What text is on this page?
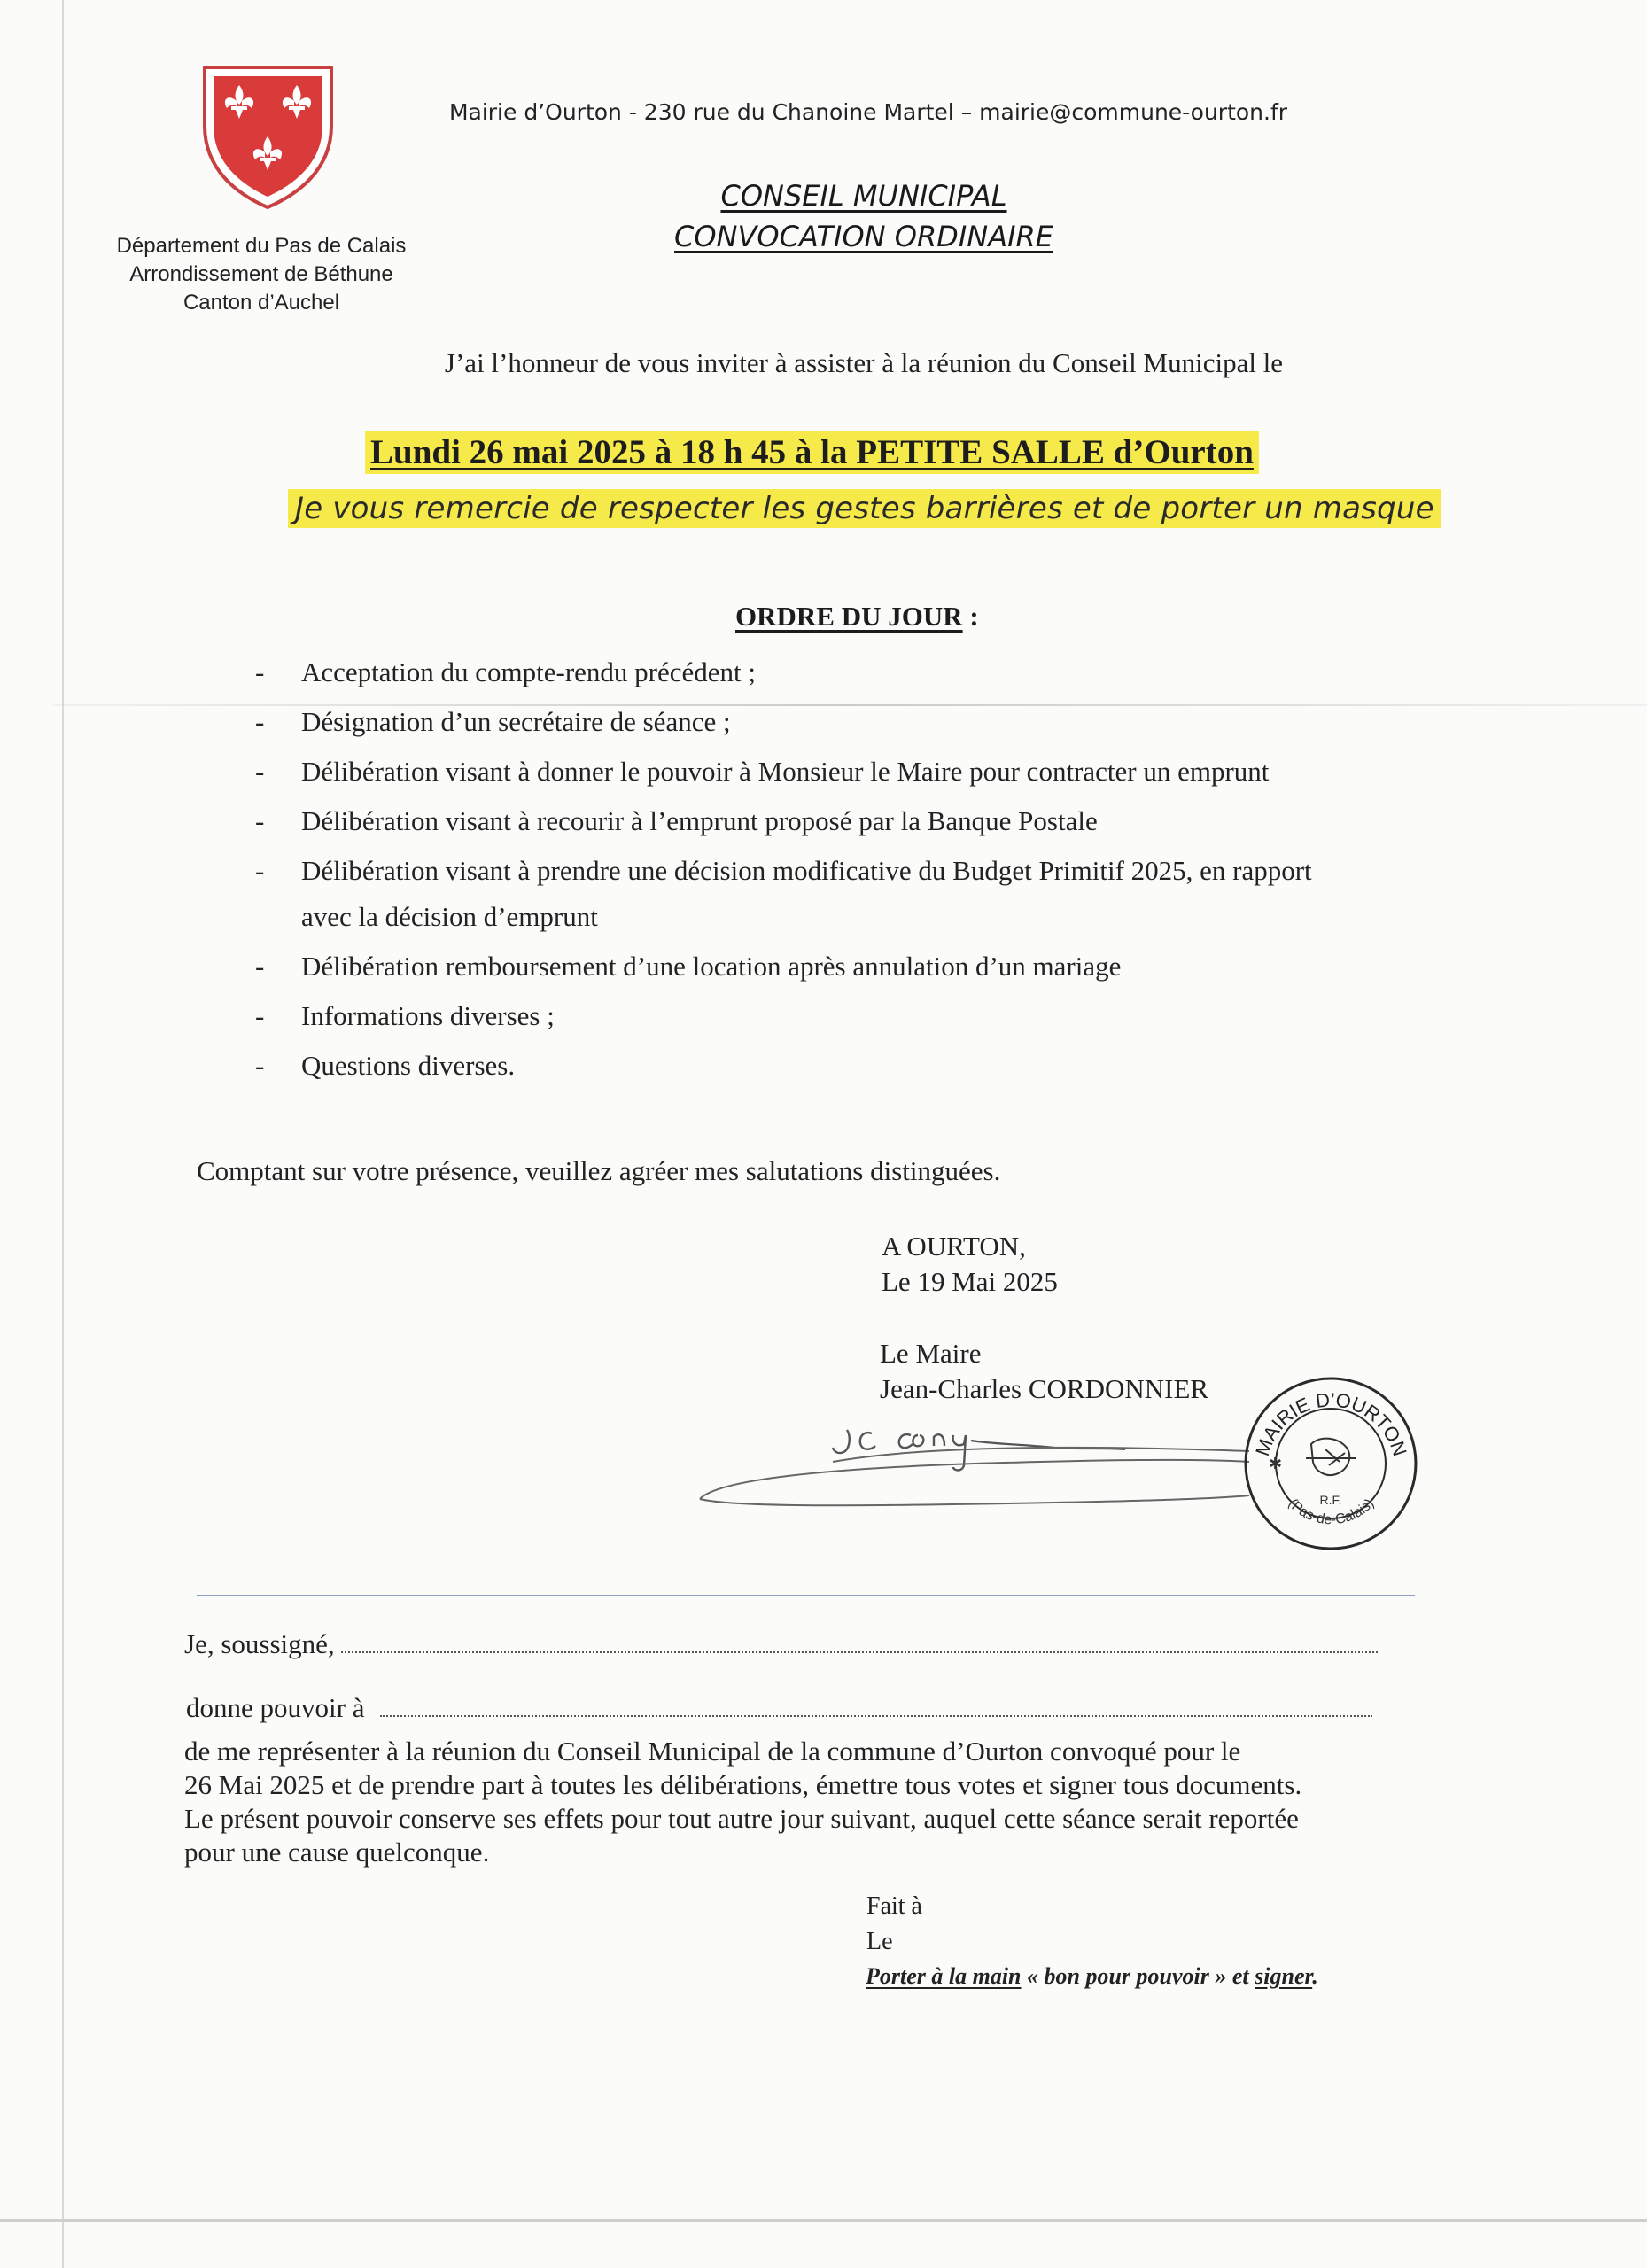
Département du Pas de Calais
Arrondissement de Béthune
Canton d’Auchel
Mairie d’Ourton - 230 rue du Chanoine Martel – mairie@commune-ourton.fr
CONSEIL MUNICIPAL
CONVOCATION ORDINAIRE
J’ai l’honneur de vous inviter à assister à la réunion du Conseil Municipal le
Lundi 26 mai 2025 à 18 h 45 à la PETITE SALLE d’Ourton
Je vous remercie de respecter les gestes barrières et de porter un masque
ORDRE DU JOUR :
- Acceptation du compte-rendu précédent ;
- Désignation d’un secrétaire de séance ;
- Délibération visant à donner le pouvoir à Monsieur le Maire pour contracter un emprunt
- Délibération visant à recourir à l’emprunt proposé par la Banque Postale
- Délibération visant à prendre une décision modificative du Budget Primitif 2025, en rapport
avec la décision d’emprunt
- Délibération remboursement d’une location après annulation d’un mariage
- Informations diverses ;
- Questions diverses.
Comptant sur votre présence, veuillez agréer mes salutations distinguées.
A OURTON,
Le 19 Mai 2025
Le Maire
Jean-Charles CORDONNIER
MAIRIE D’OURTON
(Pas-de-Calais)
R.F.
✱
Je, soussigné,
donne pouvoir à
de me représenter à la réunion du Conseil Municipal de la commune d’Ourton convoqué pour le
26 Mai 2025 et de prendre part à toutes les délibérations, émettre tous votes et signer tous documents.
Le présent pouvoir conserve ses effets pour tout autre jour suivant, auquel cette séance serait reportée
pour une cause quelconque.
Fait à
Le
Porter à la main « bon pour pouvoir » et signer.
